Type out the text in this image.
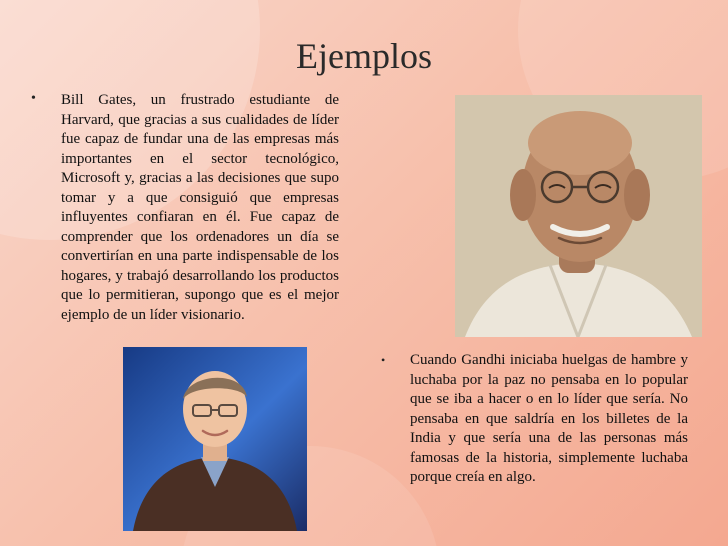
Ejemplos
• Bill Gates, un frustrado estudiante de Harvard, que gracias a sus cualidades de líder fue capaz de fundar una de las empresas más importantes en el sector tecnológico, Microsoft y, gracias a las decisiones que supo tomar y a que consiguió que empresas influyentes confiaran en él. Fue capaz de comprender que los ordenadores un día se convertirían en una parte indispensable de los hogares, y trabajó desarrollando los productos que lo permitieran, supongo que es el mejor ejemplo de un líder visionario.
• Cuando Gandhi iniciaba huelgas de hambre y luchaba por la paz no pensaba en lo popular que se iba a hacer o en lo líder que sería. No pensaba en que saldría en los billetes de la India y que sería una de las personas más famosas de la historia, simplemente luchaba porque creía en algo.
